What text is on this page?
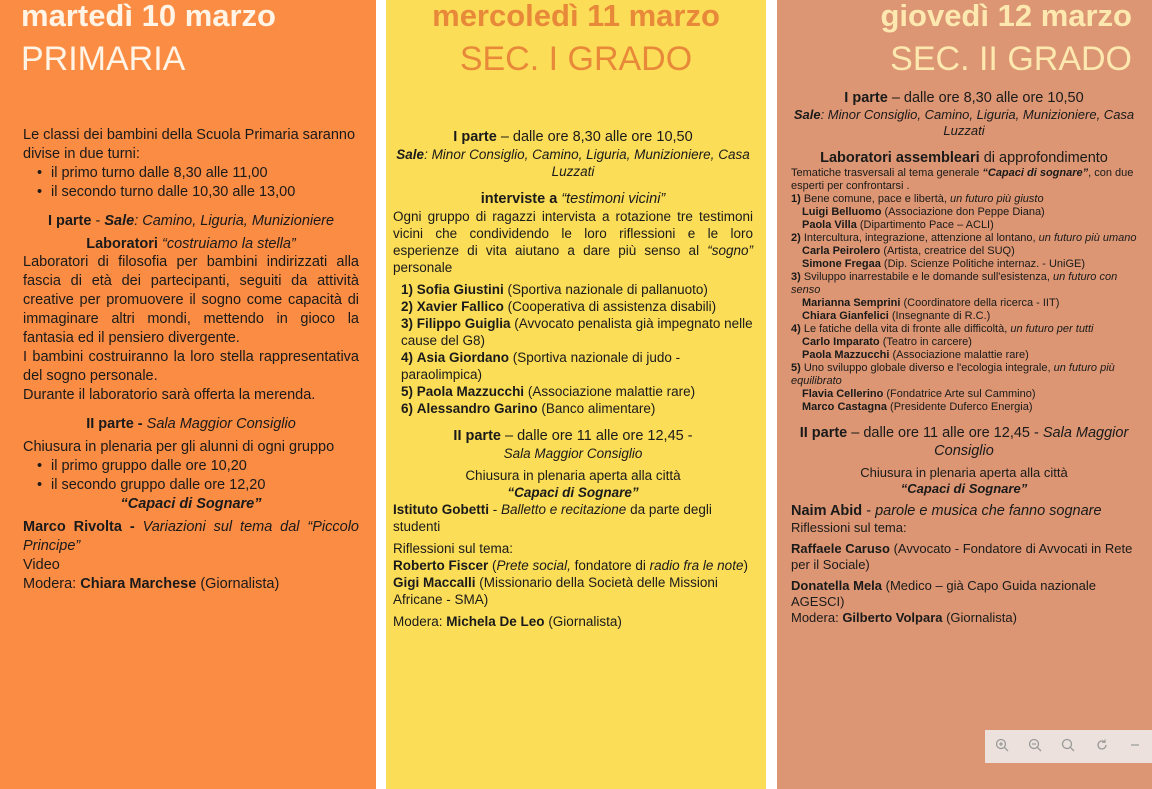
martedì 10 marzo
PRIMARIA
Le classi dei bambini della Scuola Primaria saranno divise in due turni:
• il primo turno dalle 8,30 alle 11,00
• il secondo turno dalle 10,30 alle 13,00
I parte - Sale: Camino, Liguria, Munizioniere
Laboratori “costruiamo la stella”
Laboratori di filosofia per bambini indirizzati alla fascia di età dei partecipanti, seguiti da attività creative per promuovere il sogno come capacità di immaginare altri mondi, mettendo in gioco la fantasia ed il pensiero divergente.
I bambini costruiranno la loro stella rappresentativa del sogno personale.
Durante il laboratorio sarà offerta la merenda.
II parte - Sala Maggior Consiglio
Chiusura in plenaria per gli alunni di ogni gruppo
• il primo gruppo dalle ore 10,20
• il secondo gruppo dalle ore 12,20
“Capaci di Sognare”
Marco Rivolta - Variazioni sul tema dal “Piccolo Principe”
Video
Modera: Chiara Marchese (Giornalista)
mercoledì 11 marzo
SEC. I GRADO
I parte – dalle ore 8,30 alle ore 10,50
Sale: Minor Consiglio, Camino, Liguria, Munizioniere, Casa Luzzati
interviste a “testimoni vicini”
Ogni gruppo di ragazzi intervista a rotazione tre testimoni vicini che condividendo le loro riflessioni e le loro esperienze di vita aiutano a dare più senso al “sogno” personale
1) Sofia Giustini (Sportiva nazionale di pallanuoto)
2) Xavier Fallico (Cooperativa di assistenza disabili)
3) Filippo Guiglia (Avvocato penalista già impegnato nelle cause del G8)
4) Asia Giordano (Sportiva nazionale di judo - paraolimpica)
5) Paola Mazzucchi (Associazione malattie rare)
6) Alessandro Garino (Banco alimentare)
II parte – dalle ore 11 alle ore 12,45 -
Sala Maggior Consiglio
Chiusura in plenaria aperta alla città
“Capaci di Sognare”
Istituto Gobetti - Balletto e recitazione da parte degli studenti
Riflessioni sul tema:
Roberto Fiscer (Prete social, fondatore di radio fra le note)
Gigi Maccalli (Missionario della Società delle Missioni Africane - SMA)
Modera: Michela De Leo (Giornalista)
giovedì 12 marzo
SEC. II GRADO
I parte – dalle ore 8,30 alle ore 10,50
Sale: Minor Consiglio, Camino, Liguria, Munizioniere, Casa Luzzati
Laboratori assembleari di approfondimento
Tematiche trasversali al tema generale “Capaci di sognare”, con due esperti per confrontarsi .
1) Bene comune, pace e libertà, un futuro più giusto
Luigi Belluomo (Associazione don Peppe Diana)
Paola Villa (Dipartimento Pace – ACLI)
2) Intercultura, integrazione, attenzione al lontano, un futuro più umano
Carla Peirolero (Artista, creatrice del SUQ)
Simone Fregaa (Dip. Scienze Politiche internaz. - UniGE)
3) Sviluppo inarrestabile e le domande sull'esistenza, un futuro con senso
Marianna Semprini (Coordinatore della ricerca - IIT)
Chiara Gianfelici (Insegnante di R.C.)
4) Le fatiche della vita di fronte alle difficoltà, un futuro per tutti
Carlo Imparato (Teatro in carcere)
Paola Mazzucchi (Associazione malattie rare)
5) Uno sviluppo globale diverso e l'ecologia integrale, un futuro più equilibrato
Flavia Cellerino (Fondatrice Arte sul Cammino)
Marco Castagna (Presidente Duferco Energia)
II parte – dalle ore 11 alle ore 12,45 - Sala Maggior Consiglio
Chiusura in plenaria aperta alla città
“Capaci di Sognare”
Naim Abid - parole e musica che fanno sognare
Riflessioni sul tema:
Raffaele Caruso (Avvocato - Fondatore di Avvocati in Rete per il Sociale)
Donatella Mela (Medico – già Capo Guida nazionale AGESCI)
Modera: Gilberto Volpara (Giornalista)
